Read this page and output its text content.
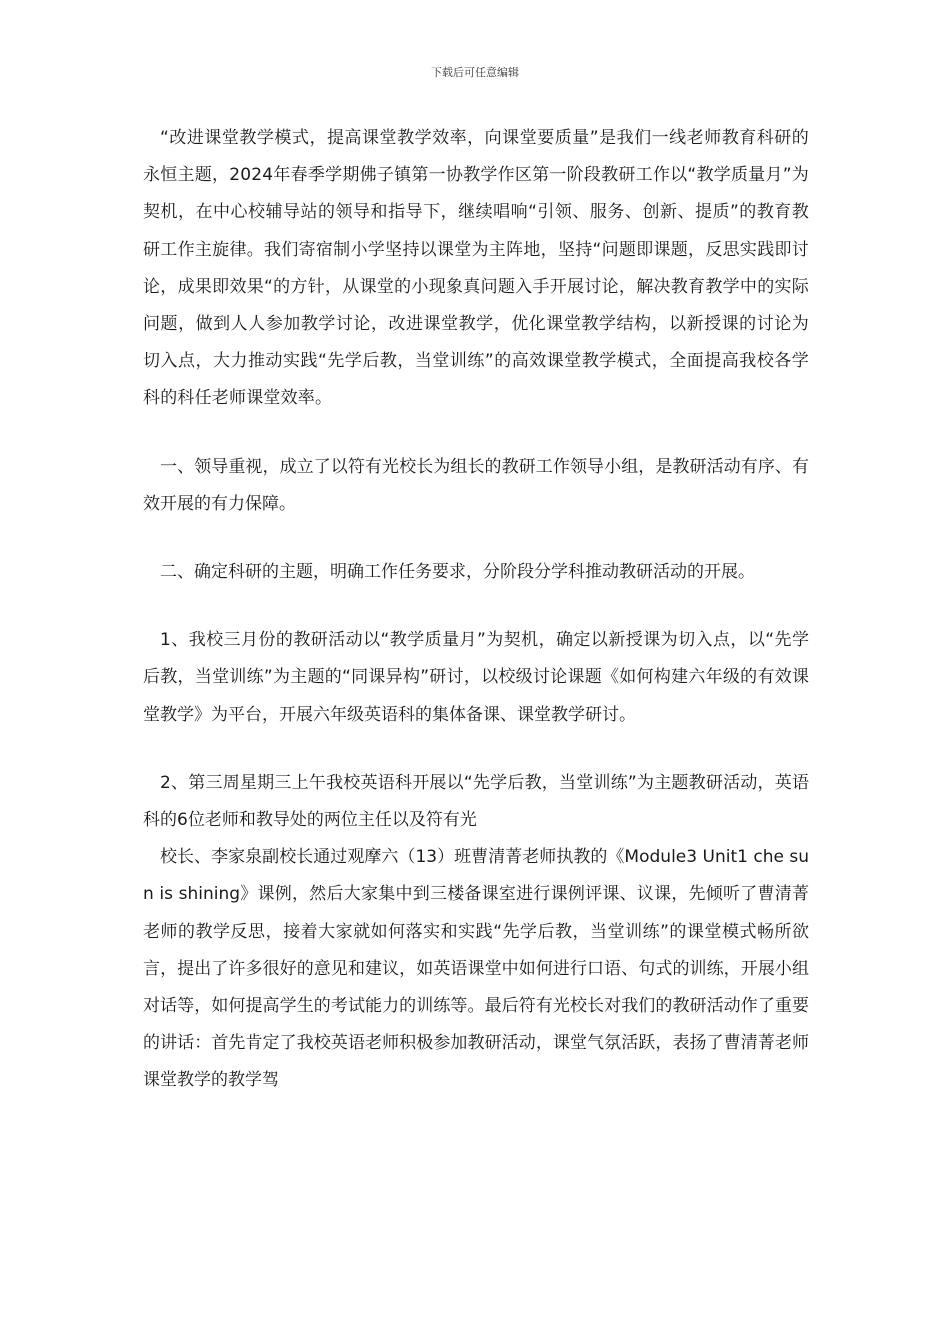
下载后可任意编辑

“改进课堂教学模式，提高课堂教学效率，向课堂要质量”是我们一线老师教育科研的永恒主题，2024年春季学期佛子镇第一协教学作区第一阶段教研工作以“教学质量月”为契机，在中心校辅导站的领导和指导下，继续唱响“引领、服务、创新、提质”的教育教研工作主旋律。我们寄宿制小学坚持以课堂为主阵地，坚持“问题即课题，反思实践即讨论，成果即效果“的方针，从课堂的小现象真问题入手开展讨论，解决教育教学中的实际问题，做到人人参加教学讨论，改进课堂教学，优化课堂教学结构，以新授课的讨论为切入点，大力推动实践“先学后教，当堂训练”的高效课堂教学模式，全面提高我校各学科的科任老师课堂效率。

一、领导重视，成立了以符有光校长为组长的教研工作领导小组，是教研活动有序、有效开展的有力保障。

二、确定科研的主题，明确工作任务要求，分阶段分学科推动教研活动的开展。

1、我校三月份的教研活动以“教学质量月”为契机，确定以新授课为切入点，以“先学后教，当堂训练”为主题的“同课异构”研讨，以校级讨论课题《如何构建六年级的有效课堂教学》为平台，开展六年级英语科的集体备课、课堂教学研讨。

2、第三周星期三上午我校英语科开展以“先学后教，当堂训练”为主题教研活动，英语科的6位老师和教导处的两位主任以及符有光

校长、李家泉副校长通过观摩六（13）班曹清菁老师执教的《Module3 Unit1 che sun is shining》课例，然后大家集中到三楼备课室进行课例评课、议课，先倾听了曹清菁老师的教学反思，接着大家就如何落实和实践“先学后教，当堂训练”的课堂模式畅所欲言，提出了许多很好的意见和建议，如英语课堂中如何进行口语、句式的训练，开展小组对话等，如何提高学生的考试能力的训练等。最后符有光校长对我们的教研活动作了重要的讲话：首先肯定了我校英语老师积极参加教研活动，课堂气氛活跃，表扬了曹清菁老师课堂教学的教学驾
